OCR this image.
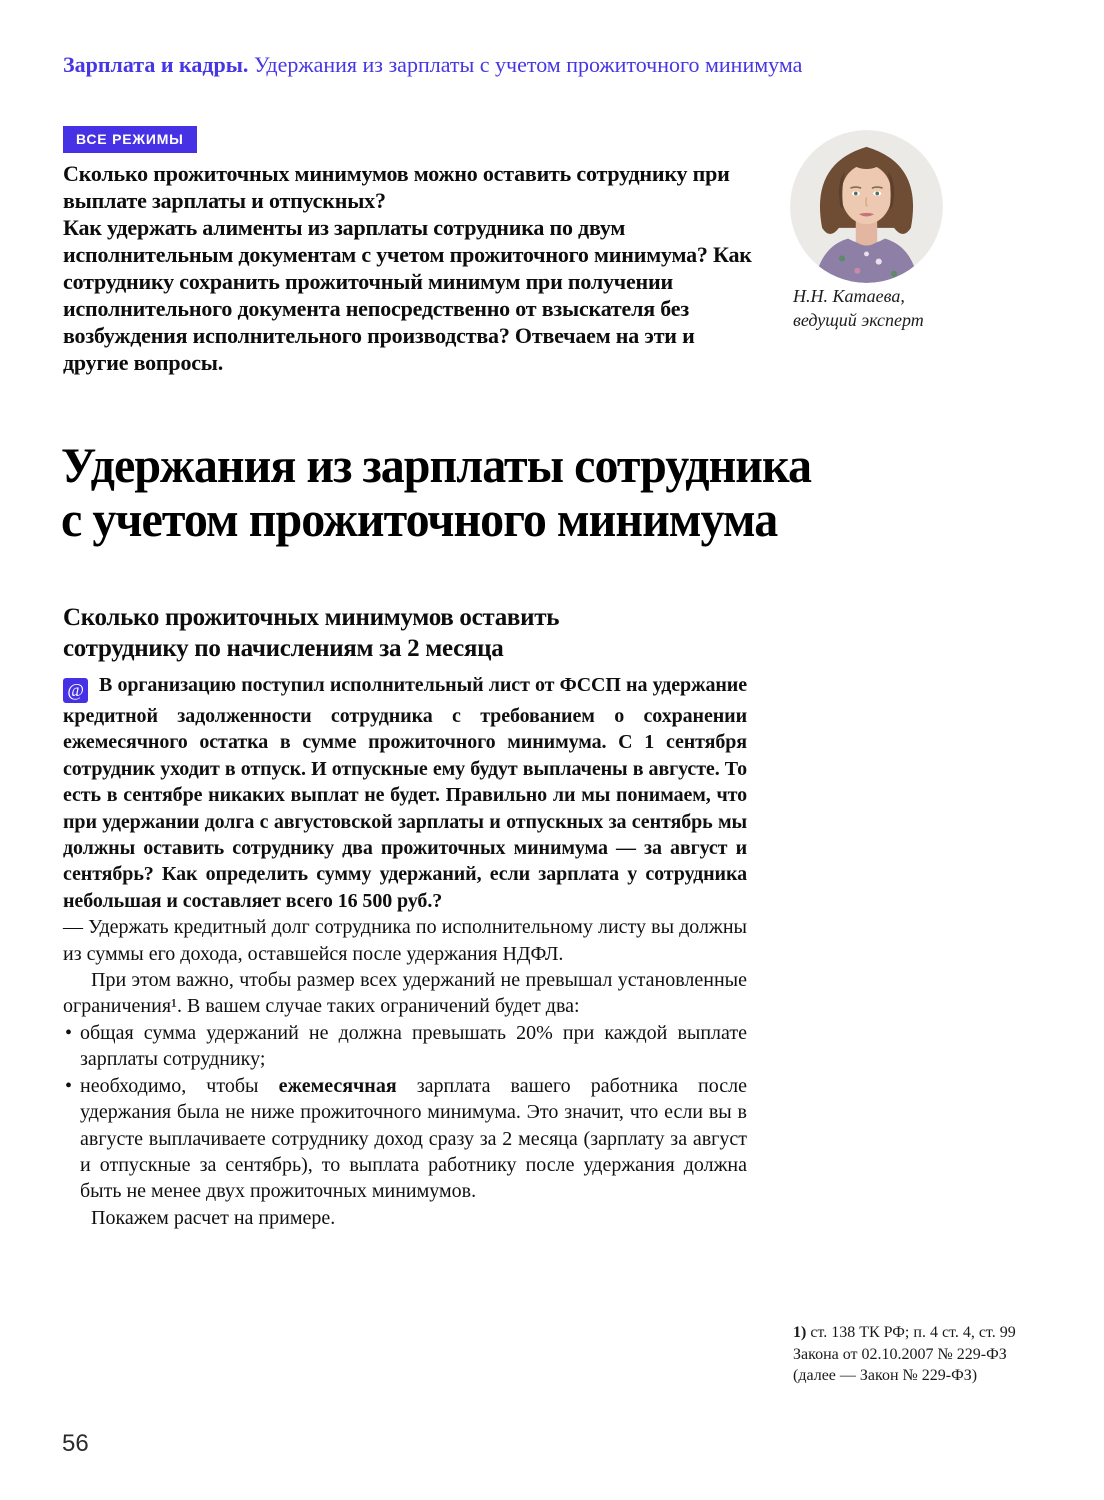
Зарплата и кадры. Удержания из зарплаты с учетом прожиточного минимума
ВСЕ РЕЖИМЫ

Сколько прожиточных минимумов можно оставить сотруднику при выплате зарплаты и отпускных?

Как удержать алименты из зарплаты сотрудника по двум исполнительным документам с учетом прожиточного минимума? Как сотруднику сохранить прожиточный минимум при получении исполнительного документа непосредственно от взыскателя без возбуждения исполнительного производства? Отвечаем на эти и другие вопросы.

Н.Н. Катаева,
ведущий эксперт
Удержания из зарплаты сотрудника
с учетом прожиточного минимума
Сколько прожиточных минимумов оставить
сотруднику по начислениям за 2 месяца

@ В организацию поступил исполнительный лист от ФССП на удержание кредитной задолженности сотрудника с требованием о сохранении ежемесячного остатка в сумме прожиточного минимума. С 1 сентября сотрудник уходит в отпуск. И отпускные ему будут выплачены в августе. То есть в сентябре никаких выплат не будет. Правильно ли мы понимаем, что при удержании долга с августовской зарплаты и отпускных за сентябрь мы должны оставить сотруднику два прожиточных минимума — за август и сентябрь? Как определить сумму удержаний, если зарплата у сотрудника небольшая и составляет всего 16 500 руб.?

— Удержать кредитный долг сотрудника по исполнительному листу вы должны из суммы его дохода, оставшейся после удержания НДФЛ.

При этом важно, чтобы размер всех удержаний не превышал установленные ограничения¹. В вашем случае таких ограничений будет два:

• общая сумма удержаний не должна превышать 20% при каждой выплате зарплаты сотруднику;
• необходимо, чтобы ежемесячная зарплата вашего работника после удержания была не ниже прожиточного минимума. Это значит, что если вы в августе выплачиваете сотруднику доход сразу за 2 месяца (зарплату за август и отпускные за сентябрь), то выплата работнику после удержания должна быть не менее двух прожиточных минимумов.

Покажем расчет на примере.

1) ст. 138 ТК РФ; п. 4 ст. 4, ст. 99 Закона от 02.10.2007 № 229-ФЗ (далее — Закон № 229-ФЗ)
56
